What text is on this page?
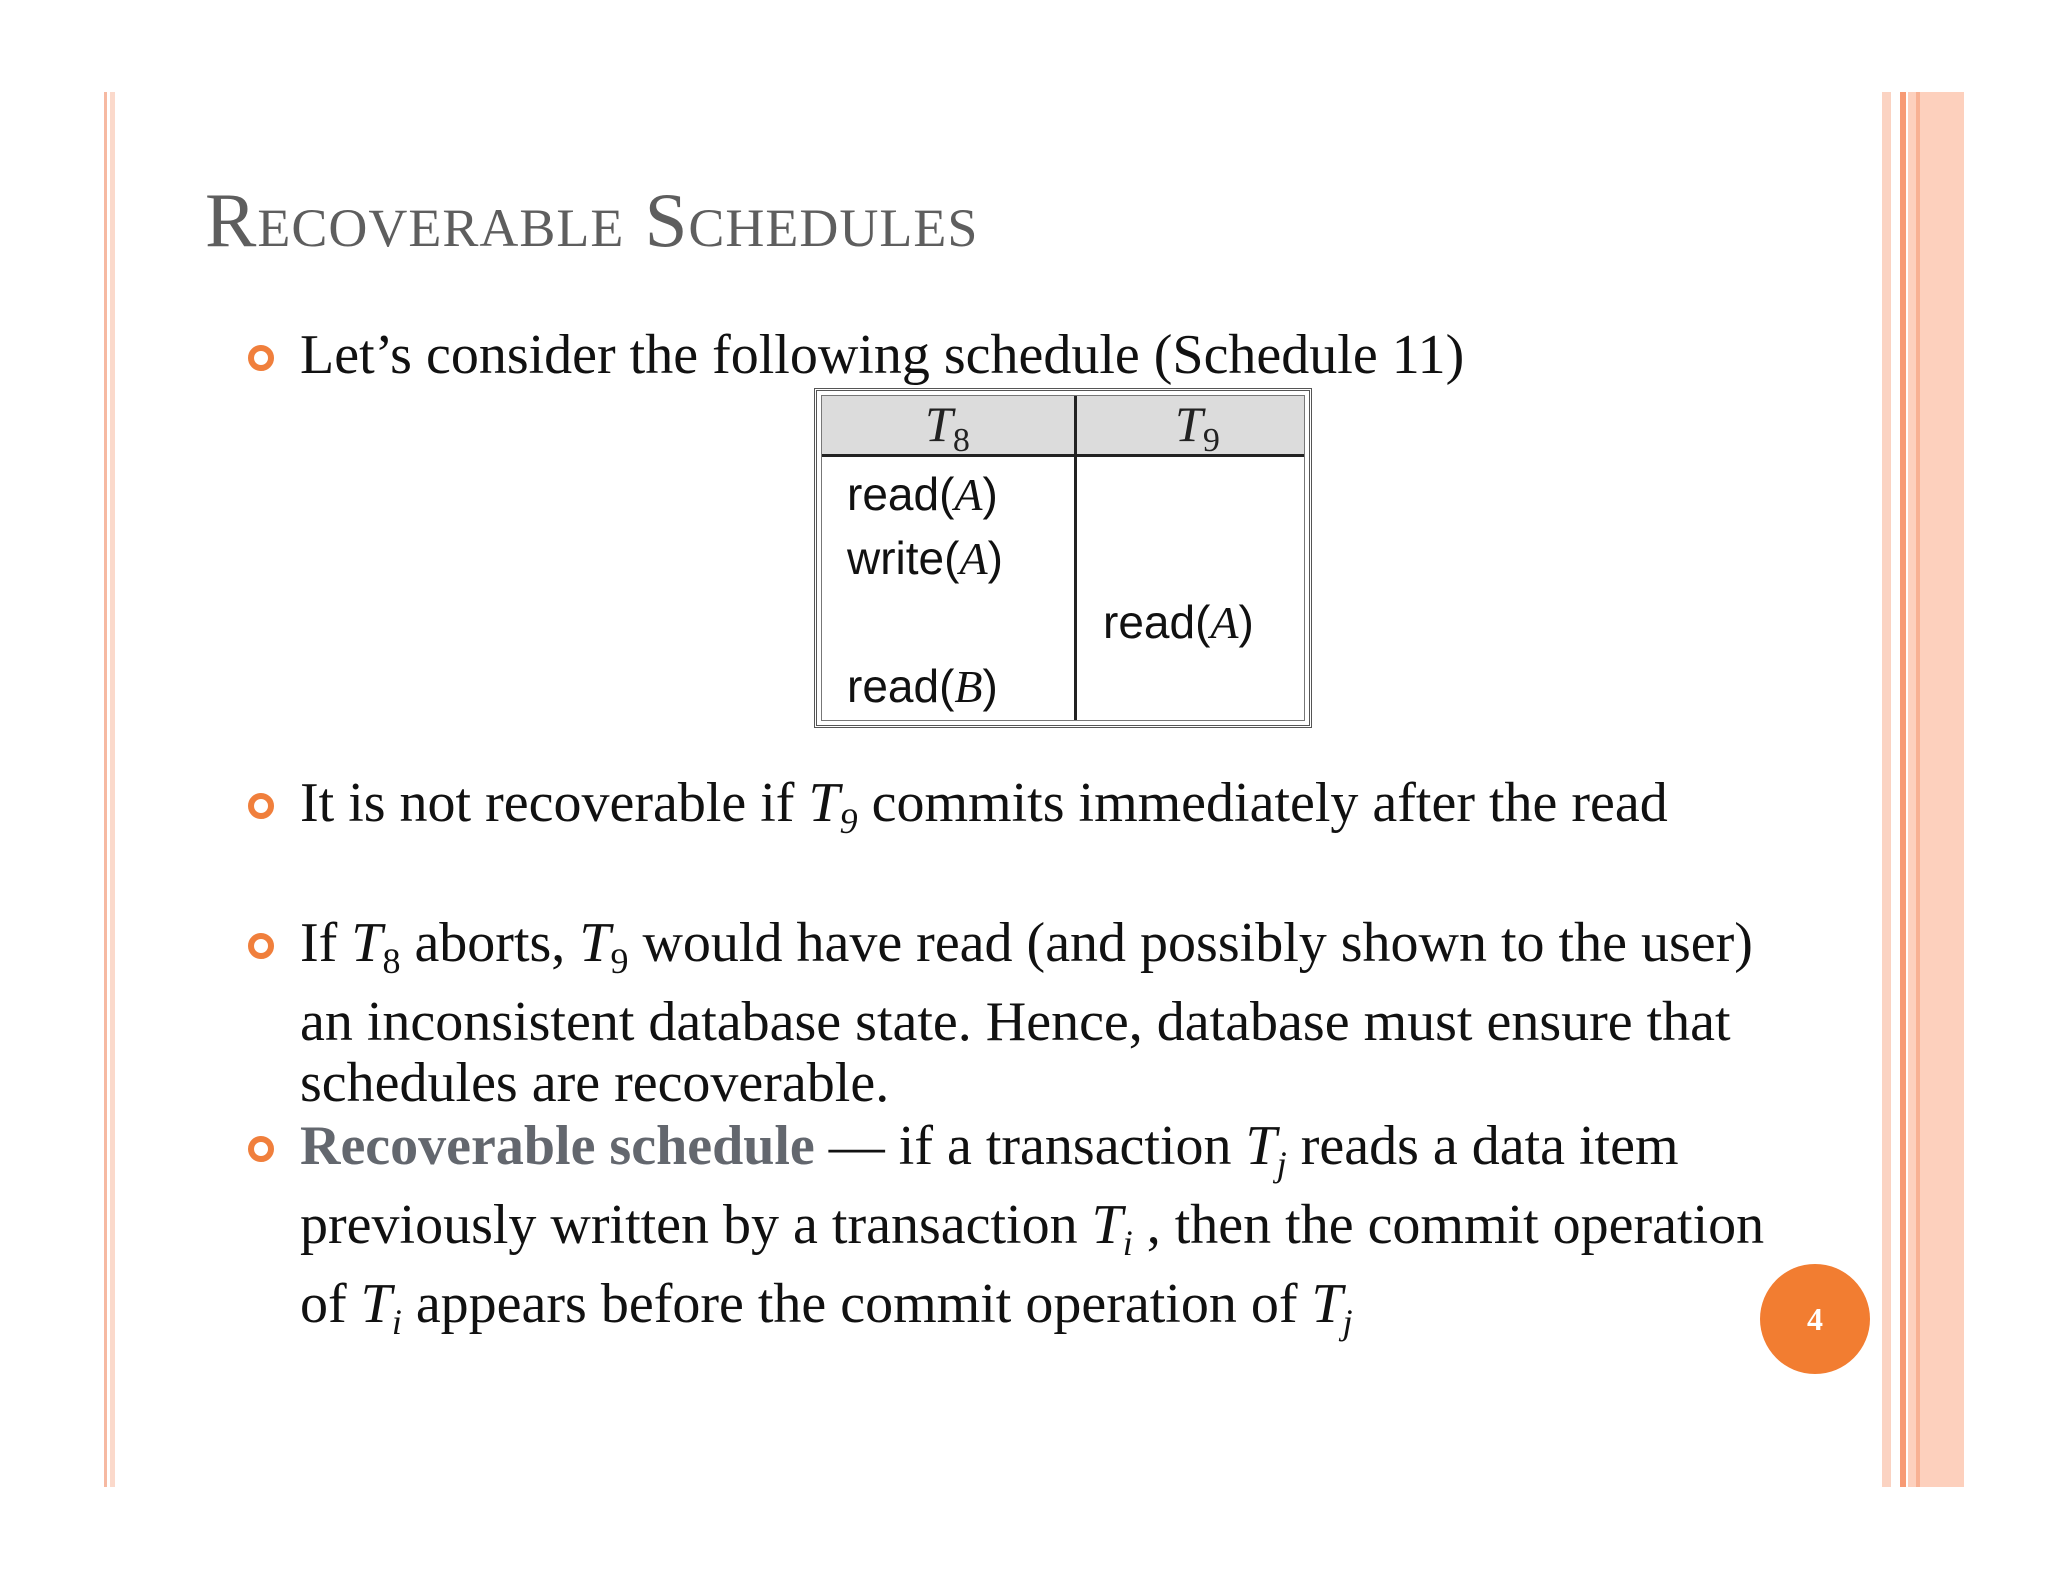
Recoverable Schedules

Let’s consider the following schedule (Schedule 11)

$T_8$	$T_9$
read(A)
write(A)
read(A)
read(B)

It is not recoverable if $T_9$ commits immediately after the read

If $T_8$ aborts, $T_9$ would have read (and possibly shown to the user) an inconsistent database state. Hence, database must ensure that schedules are recoverable.

Recoverable schedule — if a transaction $T_j$ reads a data item previously written by a transaction $T_i$ , then the commit operation of $T_i$ appears before the commit operation of $T_j$	4
